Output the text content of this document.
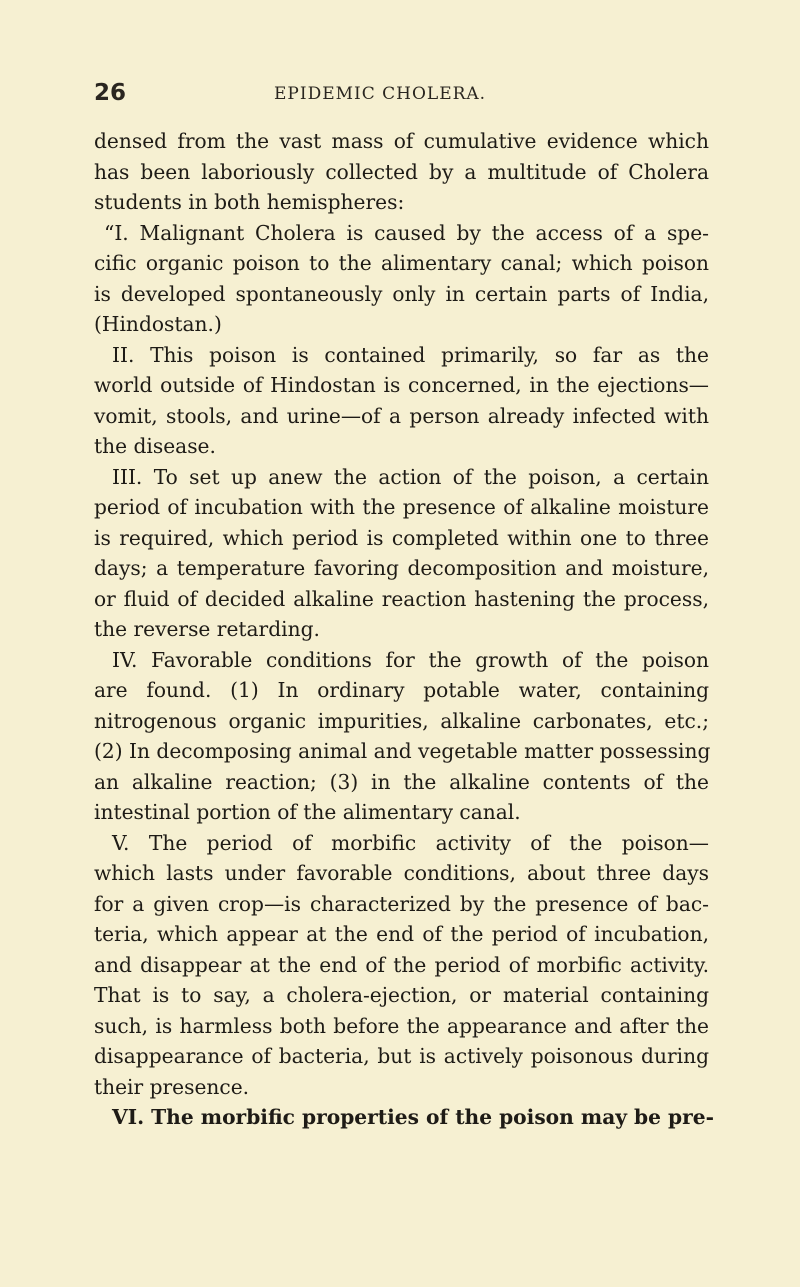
26	EPIDEMIC CHOLERA.
densed from the vast mass of cumulative evidence which
has been laboriously collected by a multitude of Cholera
students in both hemispheres:
“I. Malignant Cholera is caused by the access of a spe-
cific organic poison to the alimentary canal; which poison
is developed spontaneously only in certain parts of India,
(Hindostan.)
II. This poison is contained primarily, so far as the
world outside of Hindostan is concerned, in the ejections—
vomit, stools, and urine—of a person already infected with
the disease.
III. To set up anew the action of the poison, a certain
period of incubation with the presence of alkaline moisture
is required, which period is completed within one to three
days; a temperature favoring decomposition and moisture,
or fluid of decided alkaline reaction hastening the process,
the reverse retarding.
IV. Favorable conditions for the growth of the poison
are found. (1) In ordinary potable water, containing
nitrogenous organic impurities, alkaline carbonates, etc.;
(2) In decomposing animal and vegetable matter possessing
an alkaline reaction; (3) in the alkaline contents of the
intestinal portion of the alimentary canal.
V. The period of morbific activity of the poison—
which lasts under favorable conditions, about three days
for a given crop—is characterized by the presence of bac-
teria, which appear at the end of the period of incubation,
and disappear at the end of the period of morbific activity.
That is to say, a cholera-ejection, or material containing
such, is harmless both before the appearance and after the
disappearance of bacteria, but is actively poisonous during
their presence.
VI. The morbific properties of the poison may be pre-
